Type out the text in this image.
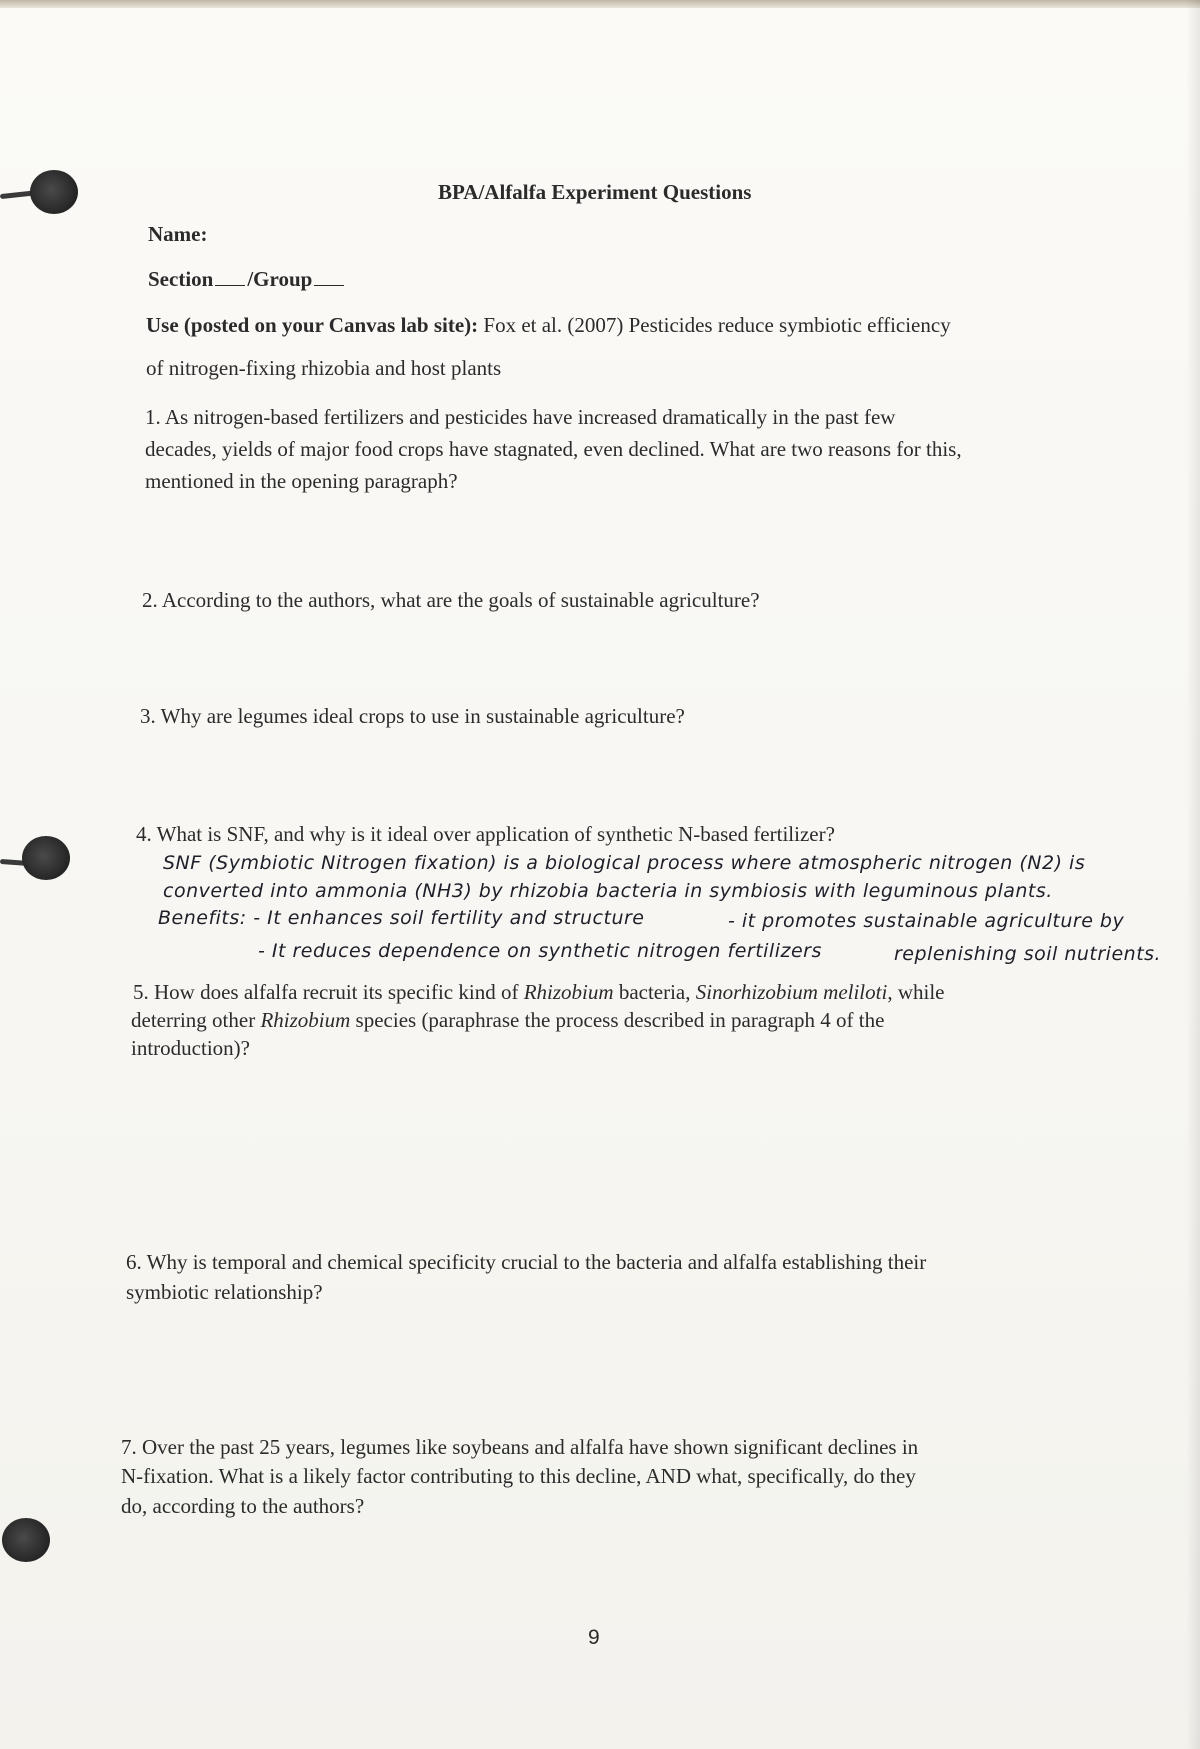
BPA/Alfalfa Experiment Questions
Name:
Section /Group
Use (posted on your Canvas lab site): Fox et al. (2007) Pesticides reduce symbiotic efficiency
of nitrogen-fixing rhizobia and host plants
1. As nitrogen-based fertilizers and pesticides have increased dramatically in the past few
decades, yields of major food crops have stagnated, even declined. What are two reasons for this,
mentioned in the opening paragraph?
2. According to the authors, what are the goals of sustainable agriculture?
3. Why are legumes ideal crops to use in sustainable agriculture?
4. What is SNF, and why is it ideal over application of synthetic N-based fertilizer?
SNF (Symbiotic Nitrogen fixation) is a biological process where atmospheric nitrogen (N2) is
converted into ammonia (NH3) by rhizobia bacteria in symbiosis with leguminous plants.
Benefits: - It enhances soil fertility and structure	- it promotes sustainable agriculture by
- It reduces dependence on synthetic nitrogen fertilizers	replenishing soil nutrients.
5. How does alfalfa recruit its specific kind of Rhizobium bacteria, Sinorhizobium meliloti, while
deterring other Rhizobium species (paraphrase the process described in paragraph 4 of the
introduction)?
6. Why is temporal and chemical specificity crucial to the bacteria and alfalfa establishing their
symbiotic relationship?
7. Over the past 25 years, legumes like soybeans and alfalfa have shown significant declines in
N-fixation. What is a likely factor contributing to this decline, AND what, specifically, do they
do, according to the authors?
9
